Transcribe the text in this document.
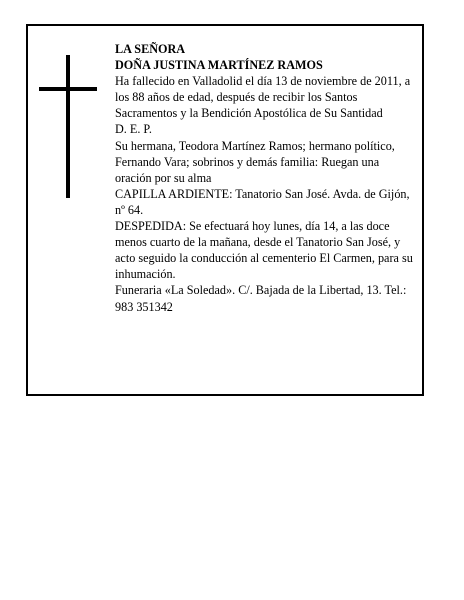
LA SEÑORA

DOÑA JUSTINA MARTÍNEZ RAMOS

Ha fallecido en Valladolid el día 13 de noviembre de 2011, a los 88 años de edad, después de recibir los Santos Sacramentos y la Bendición Apostólica de Su Santidad

D. E. P.

Su hermana, Teodora Martínez Ramos; hermano político, Fernando Vara; sobrinos y demás familia: Ruegan una oración por su alma

CAPILLA ARDIENTE: Tanatorio San José. Avda. de Gijón, nº 64.

DESPEDIDA: Se efectuará hoy lunes, día 14, a las doce menos cuarto de la mañana, desde el Tanatorio San José, y acto seguido la conducción al cementerio El Carmen, para su inhumación.

Funeraria «La Soledad». C/. Bajada de la Libertad, 13. Tel.: 983 351342
